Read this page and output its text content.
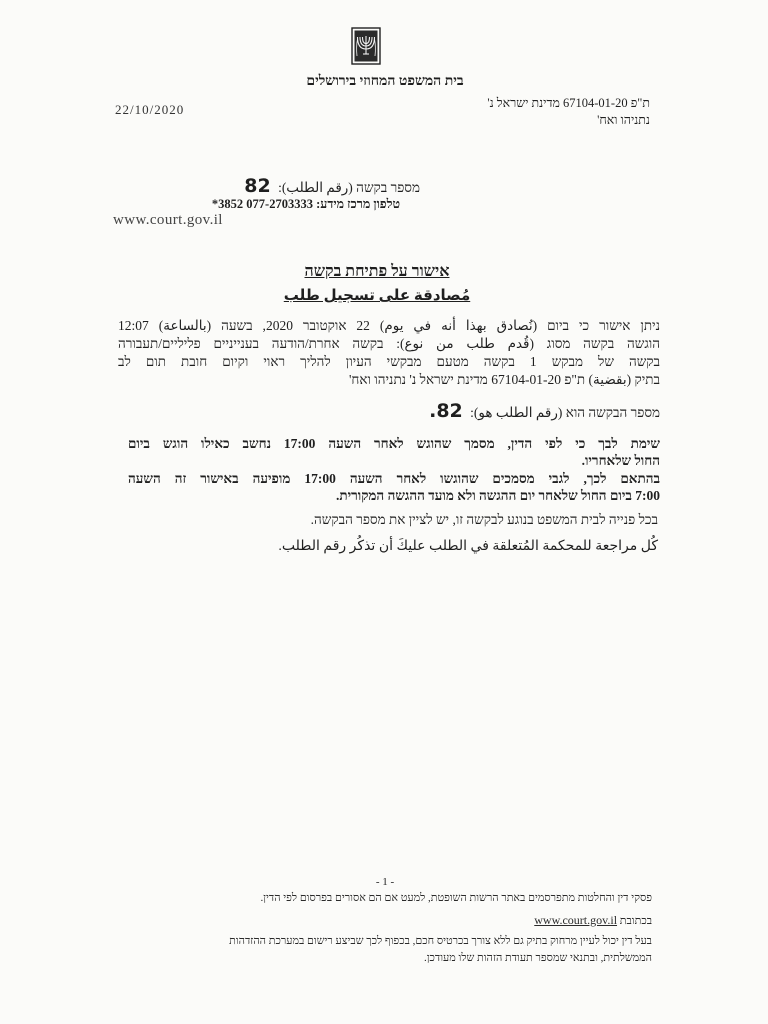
בית המשפט המחוזי בירושלים
22/10/2020	ת"פ 67104-01-20 מדינת ישראל נ'
נתניהו ואח'
מספר בקשה (رقم الطلب): 82
טלפון מרכז מידע: *3852 077-2703333
www.court.gov.il
אישור על פתיחת בקשה
مُصادقة على تسجيل طلب
ניתן אישור כי ביום (نُصادق بهذا أنه في يوم) 22 אוקטובר 2020, בשעה (بالساعة) 12:07
הוגשה בקשה מסוג (قُدم طلب من نوع): בקשה אחרת/הודעה בענייניים פליליים/תעבורה
בקשה של מבקש 1 בקשה מטעם מבקשי העיון להליך ראוי וקיום חובת תום לב
בתיק (بقضية) ת"פ 67104-01-20 מדינת ישראל נ' נתניהו ואח'
מספר הבקשה הוא (رقم الطلب هو): 82.
שימת לבך כי לפי הדין, מסמך שהוגש לאחר השעה 17:00 נחשב כאילו הוגש ביום
החול שלאחריו.
בהתאם לכך, לגבי מסמכים שהוגשו לאחר השעה 17:00 מופיעה באישור זה השעה
7:00 ביום החול שלאחר יום ההגשה ולא מועד ההגשה המקורית.
בכל פנייה לבית המשפט בנוגע לבקשה זו, יש לציין את מספר הבקשה.
كُل مراجعة للمحكمة المُتعلقة في الطلب عليكَ أن تذكُر رقم الطلب.
- 1 -
פסקי דין והחלטות מתפרסמים באתר הרשות השופטת, למעט אם הם אסורים בפרסום לפי הדין.
בכתובת www.court.gov.il
בעל דין יכול לעיין מרחוק בתיק גם ללא צורך בכרטיס חכם, בכפוף לכך שביצע רישום במערכת ההזדהות
הממשלתית, ובתנאי שמספר תעודת הזהות שלו מעודכן.
